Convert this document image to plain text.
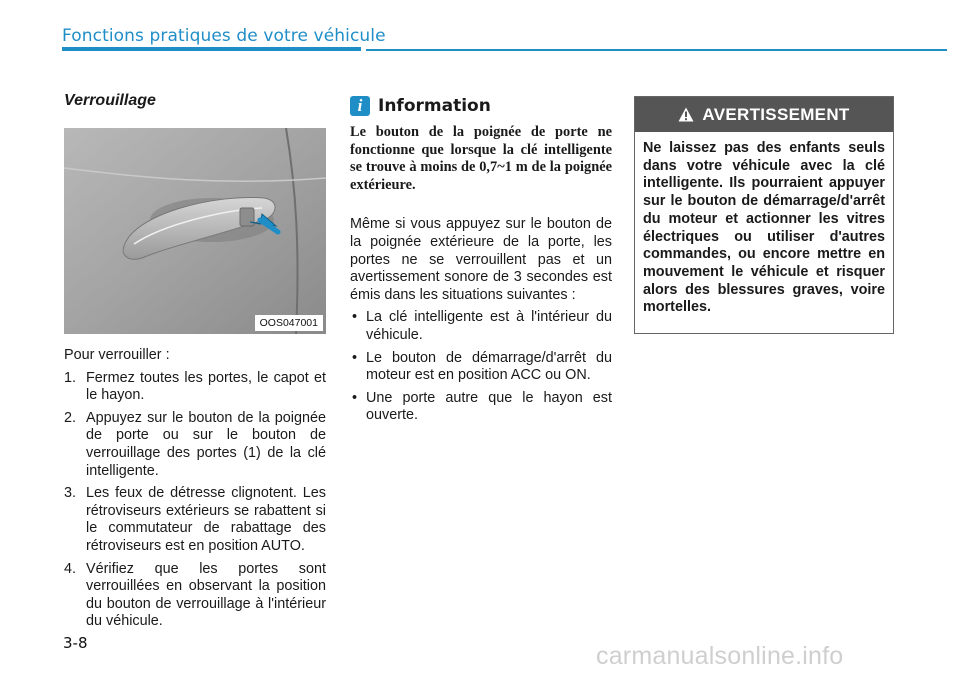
Fonctions pratiques de votre véhicule
Verrouillage
OOS047001
Pour verrouiller :
1. Fermez toutes les portes, le capot et le hayon.
2. Appuyez sur le bouton de la poignée de porte ou sur le bouton de verrouillage des portes (1) de la clé intelligente.
3. Les feux de détresse clignotent. Les rétroviseurs extérieurs se rabattent si le commutateur de rabattage des rétroviseurs est en position AUTO.
4. Vérifiez que les portes sont verrouillées en observant la position du bouton de verrouillage à l'intérieur du véhicule.
i Information

Le bouton de la poignée de porte ne fonctionne que lorsque la clé intelligente se trouve à moins de 0,7~1 m de la poignée extérieure.

Même si vous appuyez sur le bouton de la poignée extérieure de la porte, les portes ne se verrouillent pas et un avertissement sonore de 3 secondes est émis dans les situations suivantes :

• La clé intelligente est à l'intérieur du véhicule.
• Le bouton de démarrage/d'arrêt du moteur est en position ACC ou ON.
• Une porte autre que le hayon est ouverte.
AVERTISSEMENT
Ne laissez pas des enfants seuls dans votre véhicule avec la clé intelligente. Ils pourraient appuyer sur le bouton de démarrage/d'arrêt du moteur et actionner les vitres électriques ou utiliser d'autres commandes, ou encore mettre en mouvement le véhicule et risquer alors des blessures graves, voire mortelles.
3-8	carmanualsonline.info
